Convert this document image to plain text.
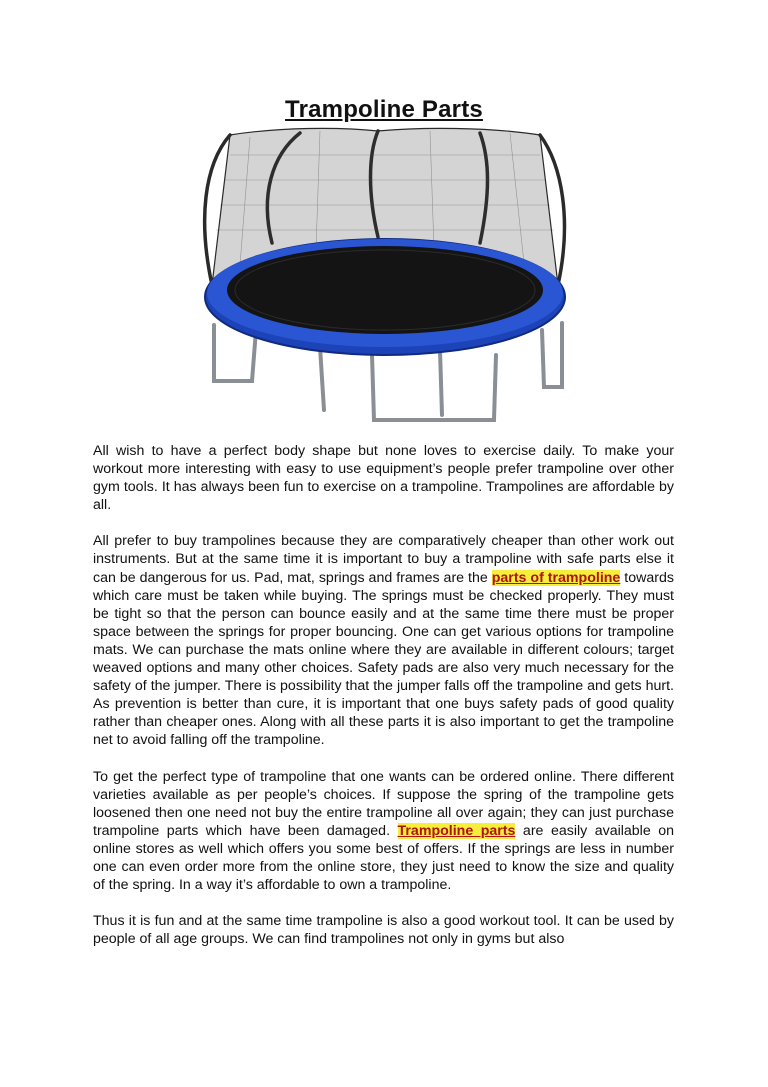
Trampoline Parts

All wish to have a perfect body shape but none loves to exercise daily. To make your workout more interesting with easy to use equipment’s people prefer trampoline over other gym tools. It has always been fun to exercise on a trampoline. Trampolines are affordable by all.

All prefer to buy trampolines because they are comparatively cheaper than other work out instruments. But at the same time it is important to buy a trampoline with safe parts else it can be dangerous for us. Pad, mat, springs and frames are the parts of trampoline towards which care must be taken while buying. The springs must be checked properly. They must be tight so that the person can bounce easily and at the same time there must be proper space between the springs for proper bouncing. One can get various options for trampoline mats. We can purchase the mats online where they are available in different colours; target weaved options and many other choices. Safety pads are also very much necessary for the safety of the jumper. There is possibility that the jumper falls off the trampoline and gets hurt. As prevention is better than cure, it is important that one buys safety pads of good quality rather than cheaper ones. Along with all these parts it is also important to get the trampoline net to avoid falling off the trampoline.

To get the perfect type of trampoline that one wants can be ordered online. There different varieties available as per people’s choices. If suppose the spring of the trampoline gets loosened then one need not buy the entire trampoline all over again; they can just purchase trampoline parts which have been damaged. Trampoline parts are easily available on online stores as well which offers you some best of offers. If the springs are less in number one can even order more from the online store, they just need to know the size and quality of the spring. In a way it’s affordable to own a trampoline.

Thus it is fun and at the same time trampoline is also a good workout tool. It can be used by people of all age groups. We can find trampolines not only in gyms but also
